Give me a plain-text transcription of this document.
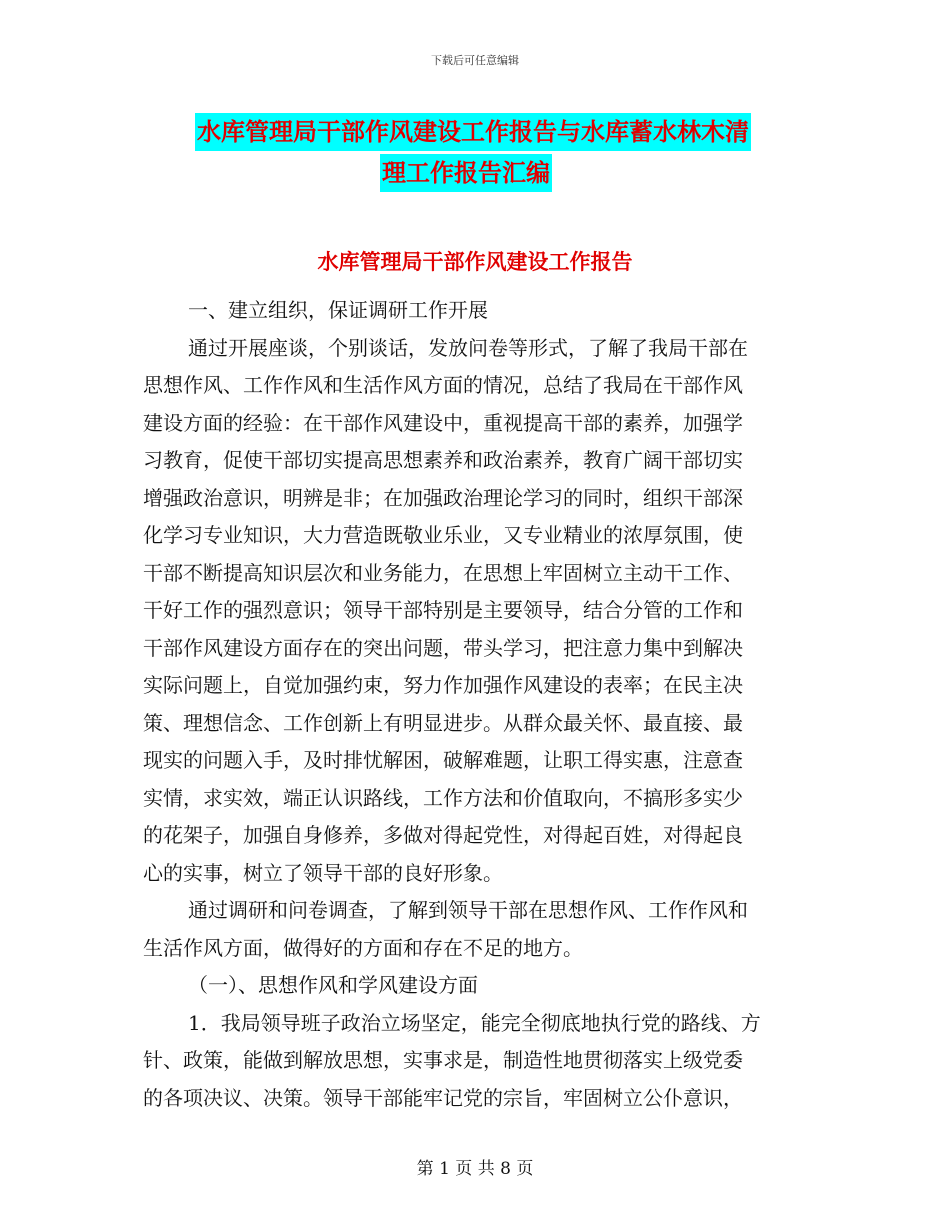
下载后可任意编辑
水库管理局干部作风建设工作报告与水库蓄水林木清
理工作报告汇编
水库管理局干部作风建设工作报告

一、建立组织，保证调研工作开展

通过开展座谈，个别谈话，发放问卷等形式，了解了我局干部在

思想作风、工作作风和生活作风方面的情况，总结了我局在干部作风

建设方面的经验：在干部作风建设中，重视提高干部的素养，加强学

习教育，促使干部切实提高思想素养和政治素养，教育广阔干部切实

增强政治意识，明辨是非；在加强政治理论学习的同时，组织干部深

化学习专业知识，大力营造既敬业乐业，又专业精业的浓厚氛围，使

干部不断提高知识层次和业务能力，在思想上牢固树立主动干工作、

干好工作的强烈意识；领导干部特别是主要领导，结合分管的工作和

干部作风建设方面存在的突出问题，带头学习，把注意力集中到解决

实际问题上，自觉加强约束，努力作加强作风建设的表率；在民主决

策、理想信念、工作创新上有明显进步。从群众最关怀、最直接、最

现实的问题入手，及时排忧解困，破解难题，让职工得实惠，注意查

实情，求实效，端正认识路线，工作方法和价值取向，不搞形多实少

的花架子，加强自身修养，多做对得起党性，对得起百姓，对得起良

心的实事，树立了领导干部的良好形象。

通过调研和问卷调查，了解到领导干部在思想作风、工作作风和

生活作风方面，做得好的方面和存在不足的地方。

（一）、思想作风和学风建设方面

1．我局领导班子政治立场坚定，能完全彻底地执行党的路线、方

针、政策，能做到解放思想，实事求是，制造性地贯彻落实上级党委

的各项决议、决策。领导干部能牢记党的宗旨，牢固树立公仆意识，

第 1 页 共 8 页
